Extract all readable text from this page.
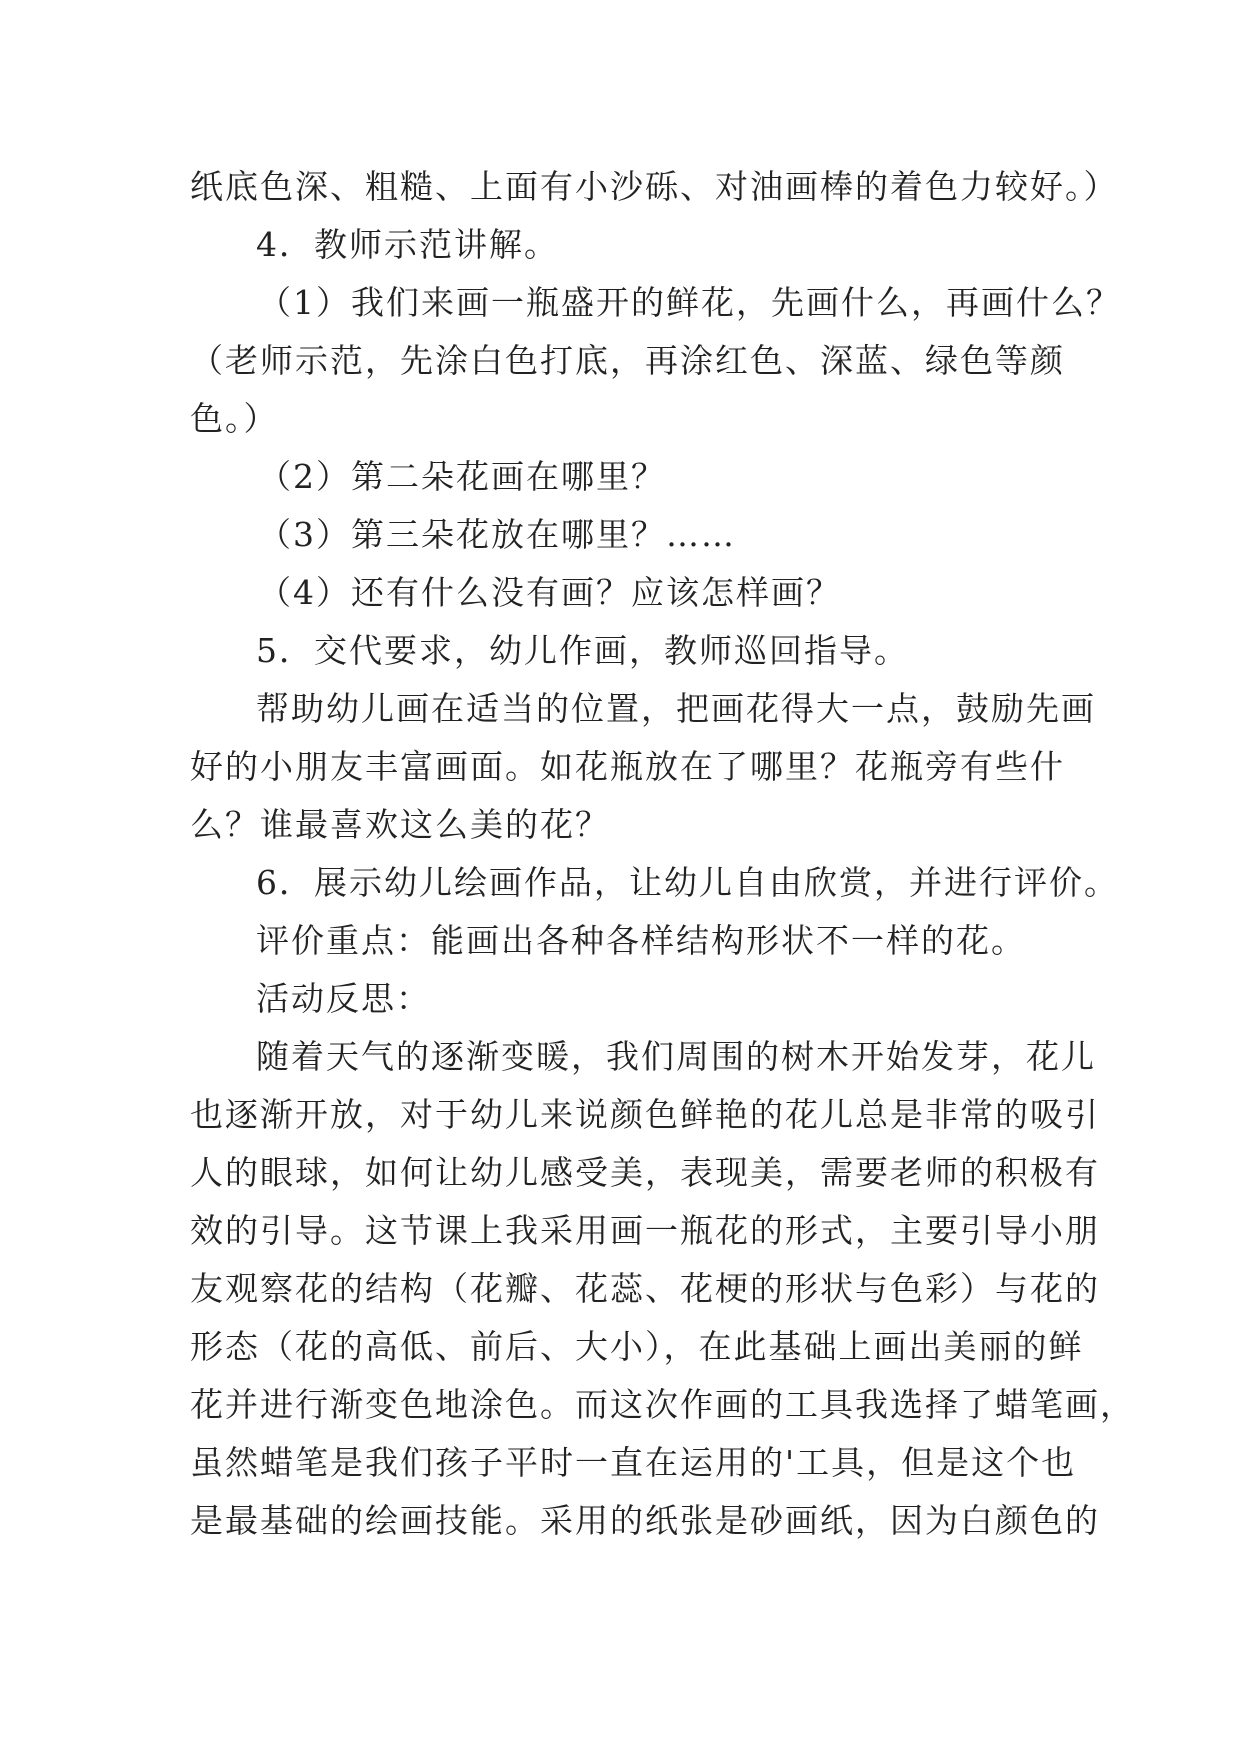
纸底色深、粗糙、上面有小沙砾、对油画棒的着色力较好。）
4．教师示范讲解。
（1）我们来画一瓶盛开的鲜花，先画什么，再画什么？
（老师示范，先涂白色打底，再涂红色、深蓝、绿色等颜
色。）
（2）第二朵花画在哪里？
（3）第三朵花放在哪里？……
（4）还有什么没有画？应该怎样画？
5．交代要求，幼儿作画，教师巡回指导。
帮助幼儿画在适当的位置，把画花得大一点，鼓励先画
好的小朋友丰富画面。如花瓶放在了哪里？花瓶旁有些什
么？谁最喜欢这么美的花？
6．展示幼儿绘画作品，让幼儿自由欣赏，并进行评价。
评价重点：能画出各种各样结构形状不一样的花。
活动反思：
随着天气的逐渐变暖，我们周围的树木开始发芽，花儿
也逐渐开放，对于幼儿来说颜色鲜艳的花儿总是非常的吸引
人的眼球，如何让幼儿感受美，表现美，需要老师的积极有
效的引导。这节课上我采用画一瓶花的形式，主要引导小朋
友观察花的结构（花瓣、花蕊、花梗的形状与色彩）与花的
形态（花的高低、前后、大小），在此基础上画出美丽的鲜
花并进行渐变色地涂色。而这次作画的工具我选择了蜡笔画，
虽然蜡笔是我们孩子平时一直在运用的'工具，但是这个也
是最基础的绘画技能。采用的纸张是砂画纸，因为白颜色的
